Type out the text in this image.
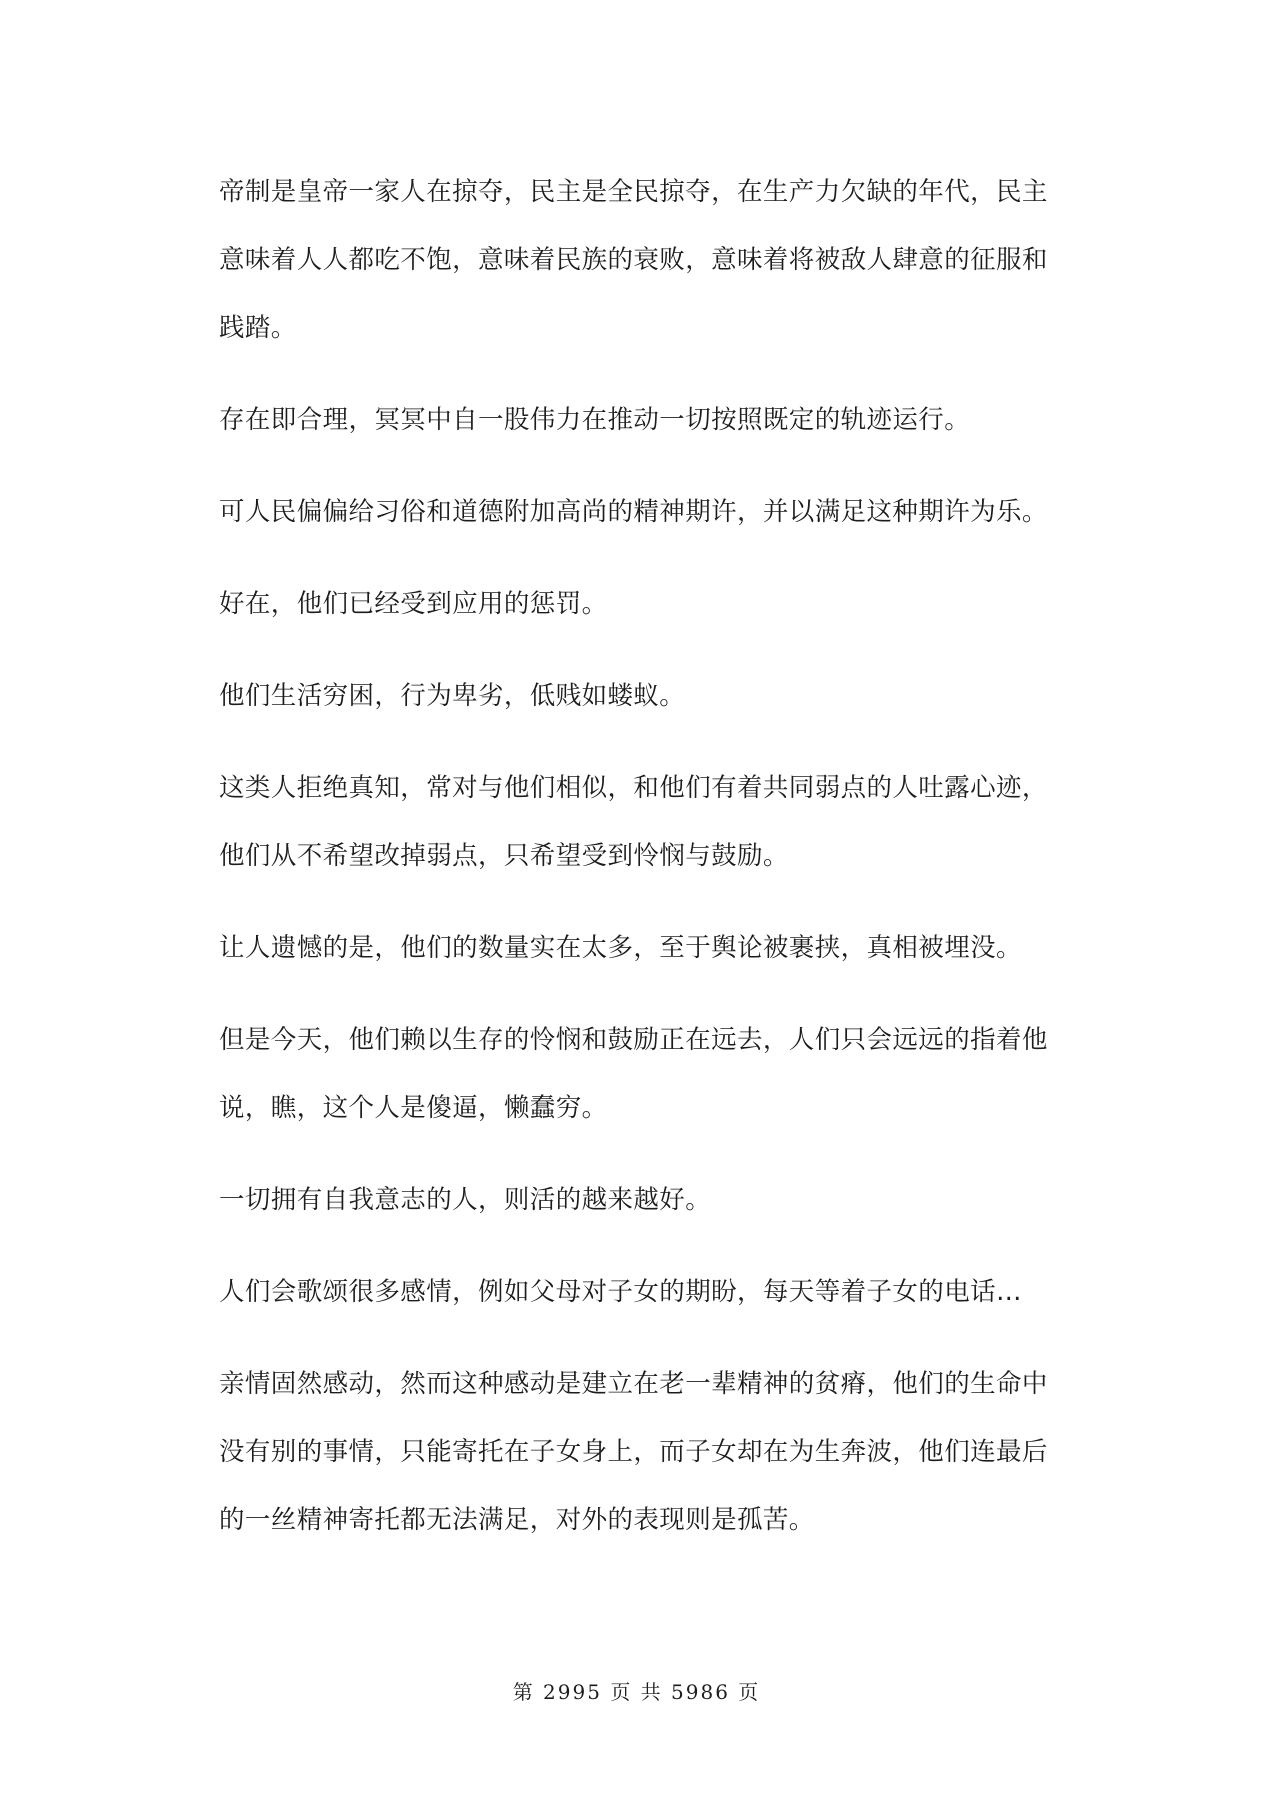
帝制是皇帝一家人在掠夺，民主是全民掠夺，在生产力欠缺的年代，民主意味着人人都吃不饱，意味着民族的衰败，意味着将被敌人肆意的征服和践踏。

存在即合理，冥冥中自一股伟力在推动一切按照既定的轨迹运行。

可人民偏偏给习俗和道德附加高尚的精神期许，并以满足这种期许为乐。

好在，他们已经受到应用的惩罚。

他们生活穷困，行为卑劣，低贱如蝼蚁。

这类人拒绝真知，常对与他们相似，和他们有着共同弱点的人吐露心迹，他们从不希望改掉弱点，只希望受到怜悯与鼓励。

让人遗憾的是，他们的数量实在太多，至于舆论被裹挟，真相被埋没。

但是今天，他们赖以生存的怜悯和鼓励正在远去，人们只会远远的指着他说，瞧，这个人是傻逼，懒蠢穷。

一切拥有自我意志的人，则活的越来越好。

人们会歌颂很多感情，例如父母对子女的期盼，每天等着子女的电话…

亲情固然感动，然而这种感动是建立在老一辈精神的贫瘠，他们的生命中没有别的事情，只能寄托在子女身上，而子女却在为生奔波，他们连最后的一丝精神寄托都无法满足，对外的表现则是孤苦。

第 2995 页 共 5986 页
